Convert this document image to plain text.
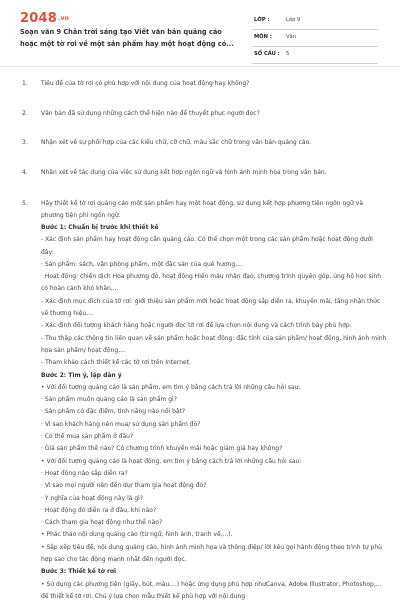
2048.vn
Soạn văn 9 Chân trời sáng tạo Viết văn bản quảng cáo hoặc một tờ rơi về một sản phẩm hay một hoạt động có...
LỚP :	Lớp 9
MÔN :	Văn
SỐ CÂU : 5
1.	Tiêu đề của tờ rơi có phù hợp với nội dung của hoạt động hay không?
2.	Văn bản đã sử dụng những cách thể hiện nào để thuyết phục người đọc?
3.	Nhận xét về sự phối hợp của các kiểu chữ, cỡ chữ, màu sắc chữ trong văn bản quảng cáo.
4.	Nhận xét về tác dụng của việc sử dụng kết hợp ngôn ngữ và hình ảnh minh họa trong văn bản.
5.	Hãy thiết kế tờ rơi quảng cáo một sản phẩm hay một hoạt động, sử dụng kết hợp phương tiện ngôn ngữ và phương tiện phi ngôn ngữ.
Bước 1: Chuẩn bị trước khi thiết kế
- Xác định sản phẩm hay hoạt động cần quảng cáo. Có thể chọn một trong các sản phẩm hoặc hoạt động dưới đây:
· Sản phẩm: sách, vận phòng phẩm, một đặc sản của quê hương,...
· Hoạt động: chiến dịch Hoa phượng đỏ, hoạt động Hiến máu nhân đạo, chương trình quyên góp, ủng hộ học sinh có hoàn cảnh khó khăn,...
- Xác định mục đích của tờ rơi: giới thiệu sản phẩm mới hoặc hoạt động sắp diễn ra, khuyến mãi, tăng nhận thức về thương hiệu,...
- Xác định đối tượng khách hàng hoặc người đọc tờ rơi để lựa chọn nội dung và cách trình bày phù hợp.
- Thu thập các thông tin liên quan về sản phẩm hoặc hoạt động: đặc tính của sản phẩm/ hoạt động, hình ảnh minh họa sản phẩm/ hoạt động,...
- Tham khảo cách thiết kế các tờ rơi trên Internet.
Bước 2: Tìm ý, lập dàn ý
• Với đối tượng quảng cáo là sản phẩm, em tìm ý bằng cách trả lời những câu hỏi sau:
· Sản phẩm muốn quảng cáo là sản phẩm gì?
· Sản phẩm có đặc điểm, tính năng nào nổi bật?
· Vì sao khách hàng nên mua/ sử dụng sản phẩm đó?
· Có thể mua sản phẩm ở đâu?
· Giá sản phẩm thế nào? Có chương trình khuyến mãi hoặc giảm giá hay không?
• Với đối tượng quảng cáo là hoạt động, em tìm ý bằng cách trả lời những câu hỏi sau:
· Hoạt động nào sắp diễn ra?
· Vì sao mọi người nên đến dự/ tham gia hoạt động đó?
· Ý nghĩa của hoạt động này là gì?
· Hoạt động đó diễn ra ở đâu, khi nào?
· Cách tham gia hoạt động như thế nào?
• Phác thảo nội dung quảng cáo (từ ngữ, hình ảnh, tranh vẽ,...).
• Sắp xếp tiêu đề, nội dung quảng cáo, hình ảnh minh họa và thông điệp/ lời kêu gọi hành động theo trình tự phù hợp sao cho tác động mạnh nhất đến người đọc.
Bước 3: Thiết kế tờ rơi
• Sử dụng các phương tiện (giấy, bút, màu,...) hoặc ứng dụng phù hợp nhưCanva, Adobe Illustrator, Photoshop,... để thiết kế tờ rơi. Chú ý lựa chọn mẫu thiết kế phù hợp với nội dung
